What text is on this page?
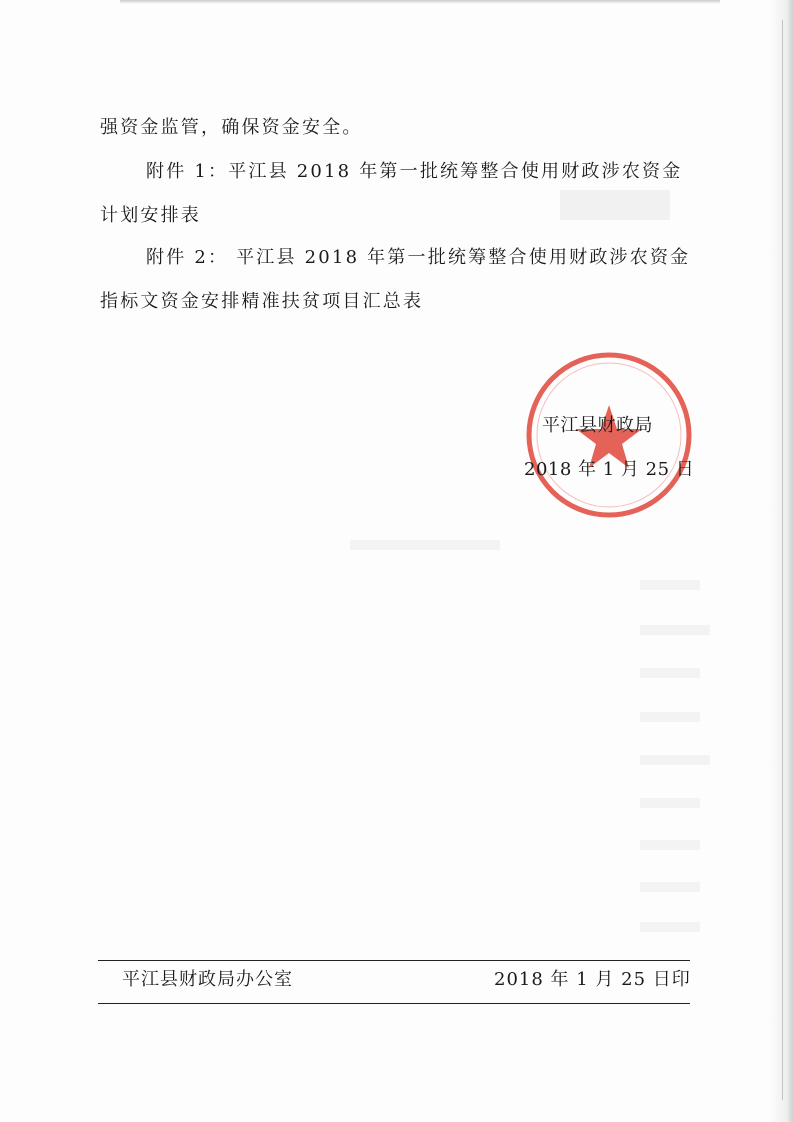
强资金监管，确保资金安全。
附件 1：平江县 2018 年第一批统筹整合使用财政涉农资金
计划安排表
附件 2： 平江县 2018 年第一批统筹整合使用财政涉农资金
指标文资金安排精准扶贫项目汇总表
平江县财政局
2018 年 1 月 25 日
平江县财政局办公室	2018 年 1 月 25 日印
